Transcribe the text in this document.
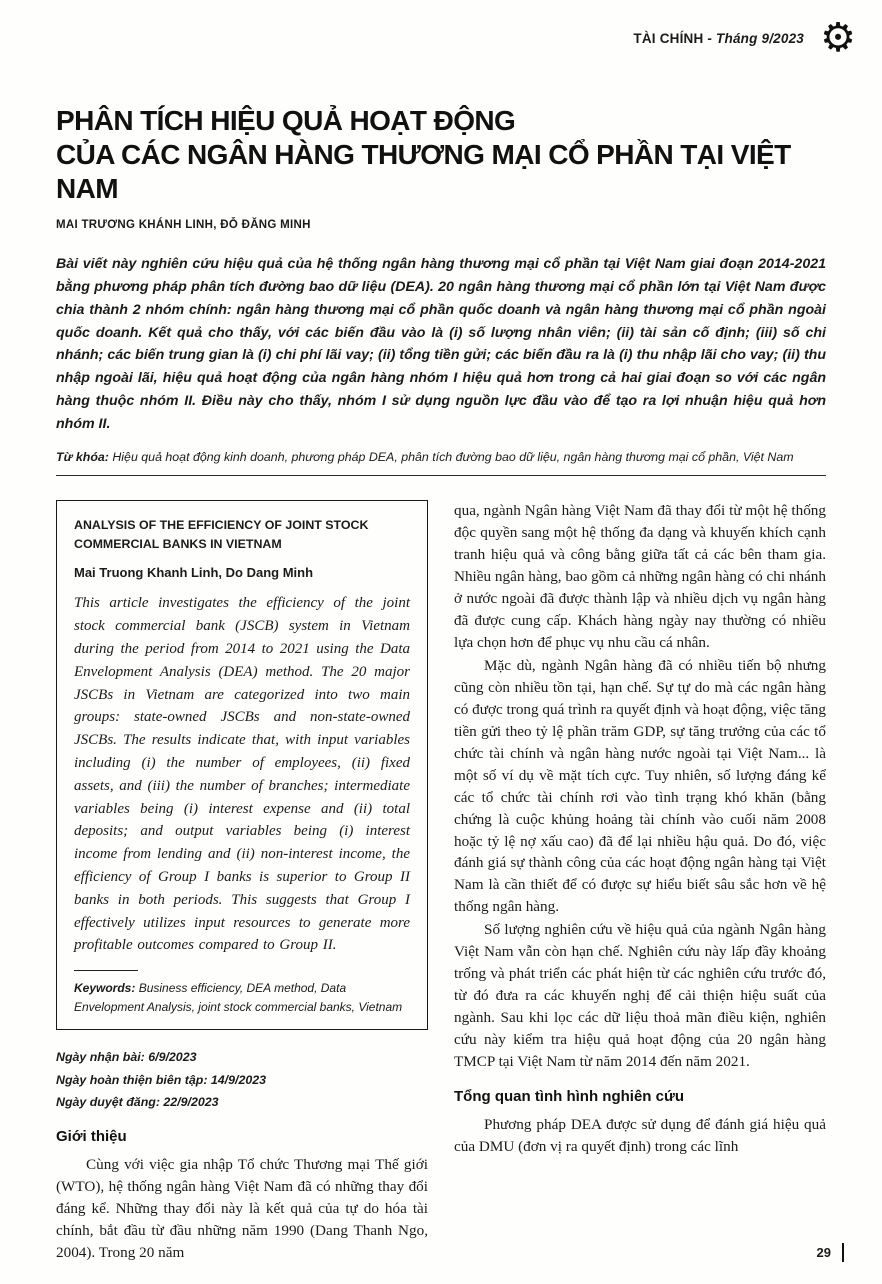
TÀI CHÍNH - Tháng 9/2023 ⚙
PHÂN TÍCH HIỆU QUẢ HOẠT ĐỘNG
CỦA CÁC NGÂN HÀNG THƯƠNG MẠI CỔ PHẦN TẠI VIỆT NAM
MAI TRƯƠNG KHÁNH LINH, ĐỖ ĐĂNG MINH
Bài viết này nghiên cứu hiệu quả của hệ thống ngân hàng thương mại cổ phần tại Việt Nam giai đoạn 2014-2021 bằng phương pháp phân tích đường bao dữ liệu (DEA). 20 ngân hàng thương mại cổ phần lớn tại Việt Nam được chia thành 2 nhóm chính: ngân hàng thương mại cổ phần quốc doanh và ngân hàng thương mại cổ phần ngoài quốc doanh. Kết quả cho thấy, với các biến đầu vào là (i) số lượng nhân viên; (ii) tài sản cố định; (iii) số chi nhánh; các biến trung gian là (i) chi phí lãi vay; (ii) tổng tiền gửi; các biến đầu ra là (i) thu nhập lãi cho vay; (ii) thu nhập ngoài lãi, hiệu quả hoạt động của ngân hàng nhóm I hiệu quả hơn trong cả hai giai đoạn so với các ngân hàng thuộc nhóm II. Điều này cho thấy, nhóm I sử dụng nguồn lực đầu vào để tạo ra lợi nhuận hiệu quả hơn nhóm II.
Từ khóa: Hiệu quả hoạt động kinh doanh, phương pháp DEA, phân tích đường bao dữ liệu, ngân hàng thương mại cổ phần, Việt Nam
ANALYSIS OF THE EFFICIENCY OF JOINT STOCK COMMERCIAL BANKS IN VIETNAM
Mai Truong Khanh Linh, Do Dang Minh
This article investigates the efficiency of the joint stock commercial bank (JSCB) system in Vietnam during the period from 2014 to 2021 using the Data Envelopment Analysis (DEA) method. The 20 major JSCBs in Vietnam are categorized into two main groups: state-owned JSCBs and non-state-owned JSCBs. The results indicate that, with input variables including (i) the number of employees, (ii) fixed assets, and (iii) the number of branches; intermediate variables being (i) interest expense and (ii) total deposits; and output variables being (i) interest income from lending and (ii) non-interest income, the efficiency of Group I banks is superior to Group II banks in both periods. This suggests that Group I effectively utilizes input resources to generate more profitable outcomes compared to Group II.
Keywords: Business efficiency, DEA method, Data Envelopment Analysis, joint stock commercial banks, Vietnam
Ngày nhận bài: 6/9/2023
Ngày hoàn thiện biên tập: 14/9/2023
Ngày duyệt đăng: 22/9/2023
Giới thiệu

Cùng với việc gia nhập Tổ chức Thương mại Thế giới (WTO), hệ thống ngân hàng Việt Nam đã có những thay đổi đáng kể. Những thay đổi này là kết quả của tự do hóa tài chính, bắt đầu từ đầu những năm 1990 (Dang Thanh Ngo, 2004). Trong 20 năm

qua, ngành Ngân hàng Việt Nam đã thay đổi từ một hệ thống độc quyền sang một hệ thống đa dạng và khuyến khích cạnh tranh hiệu quả và công bằng giữa tất cả các bên tham gia. Nhiều ngân hàng, bao gồm cả những ngân hàng có chi nhánh ở nước ngoài đã được thành lập và nhiều dịch vụ ngân hàng đã được cung cấp. Khách hàng ngày nay thường có nhiều lựa chọn hơn để phục vụ nhu cầu cá nhân.

Mặc dù, ngành Ngân hàng đã có nhiều tiến bộ nhưng cũng còn nhiều tồn tại, hạn chế. Sự tự do mà các ngân hàng có được trong quá trình ra quyết định và hoạt động, việc tăng tiền gửi theo tỷ lệ phần trăm GDP, sự tăng trưởng của các tổ chức tài chính và ngân hàng nước ngoài tại Việt Nam... là một số ví dụ về mặt tích cực. Tuy nhiên, số lượng đáng kể các tổ chức tài chính rơi vào tình trạng khó khăn (bằng chứng là cuộc khủng hoảng tài chính vào cuối năm 2008 hoặc tỷ lệ nợ xấu cao) đã để lại nhiều hậu quả. Do đó, việc đánh giá sự thành công của các hoạt động ngân hàng tại Việt Nam là cần thiết để có được sự hiểu biết sâu sắc hơn về hệ thống ngân hàng.

Số lượng nghiên cứu về hiệu quả của ngành Ngân hàng Việt Nam vẫn còn hạn chế. Nghiên cứu này lấp đầy khoảng trống và phát triển các phát hiện từ các nghiên cứu trước đó, từ đó đưa ra các khuyến nghị để cải thiện hiệu suất của ngành. Sau khi lọc các dữ liệu thoả mãn điều kiện, nghiên cứu này kiểm tra hiệu quả hoạt động của 20 ngân hàng TMCP tại Việt Nam từ năm 2014 đến năm 2021.

Tổng quan tình hình nghiên cứu

Phương pháp DEA được sử dụng để đánh giá hiệu quả của DMU (đơn vị ra quyết định) trong các lĩnh

29
